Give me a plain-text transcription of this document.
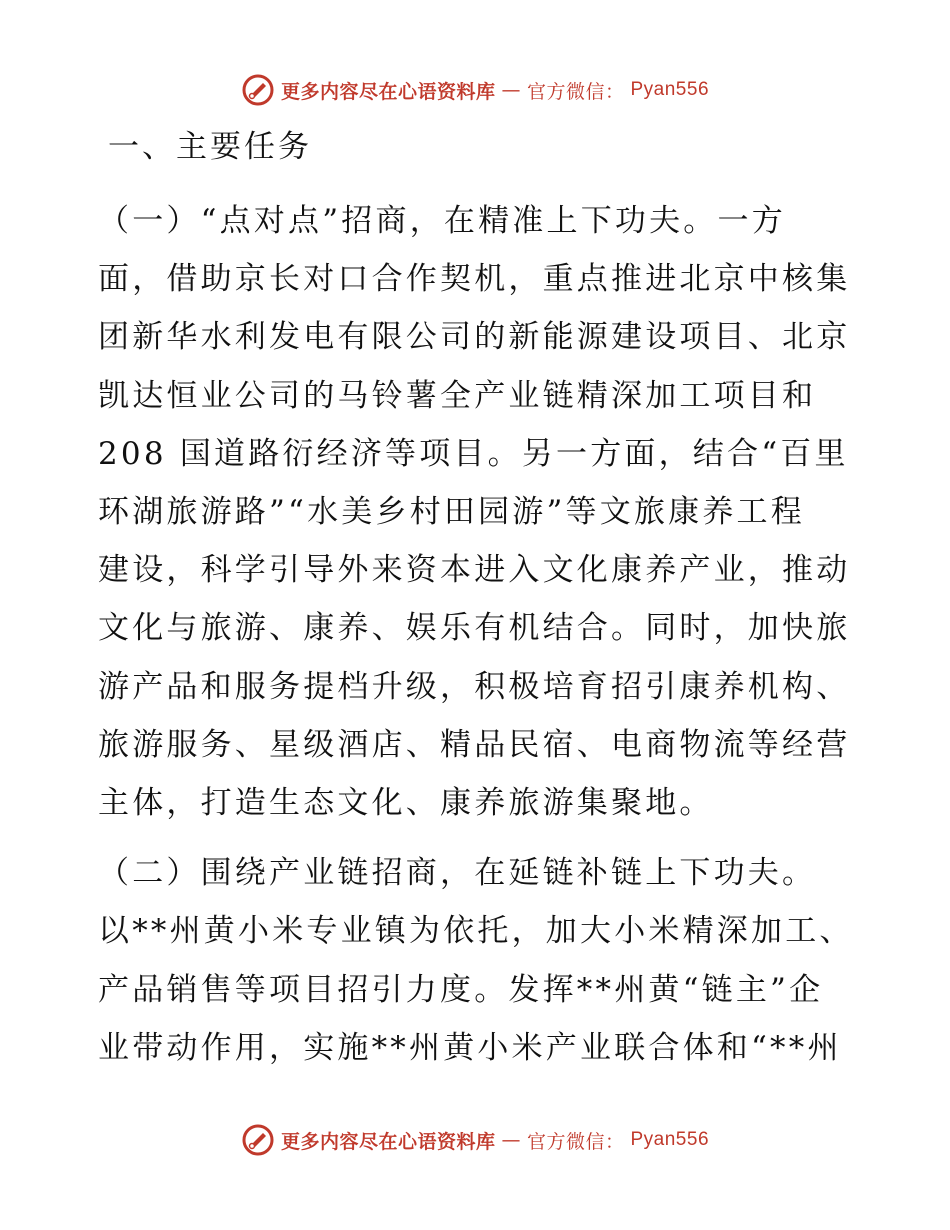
更多内容尽在心语资料库 — 官方微信： Pyan556
一、主要任务
（一）“点对点”招商，在精准上下功夫。一方
面，借助京长对口合作契机，重点推进北京中核集
团新华水利发电有限公司的新能源建设项目、北京
凯达恒业公司的马铃薯全产业链精深加工项目和
208 国道路衍经济等项目。另一方面，结合“百里
环湖旅游路”“水美乡村田园游”等文旅康养工程
建设，科学引导外来资本进入文化康养产业，推动
文化与旅游、康养、娱乐有机结合。同时，加快旅
游产品和服务提档升级，积极培育招引康养机构、
旅游服务、星级酒店、精品民宿、电商物流等经营
主体，打造生态文化、康养旅游集聚地。
（二）围绕产业链招商，在延链补链上下功夫。
以**州黄小米专业镇为依托，加大小米精深加工、
产品销售等项目招引力度。发挥**州黄“链主”企
业带动作用，实施**州黄小米产业联合体和“**州
更多内容尽在心语资料库 — 官方微信： Pyan556
